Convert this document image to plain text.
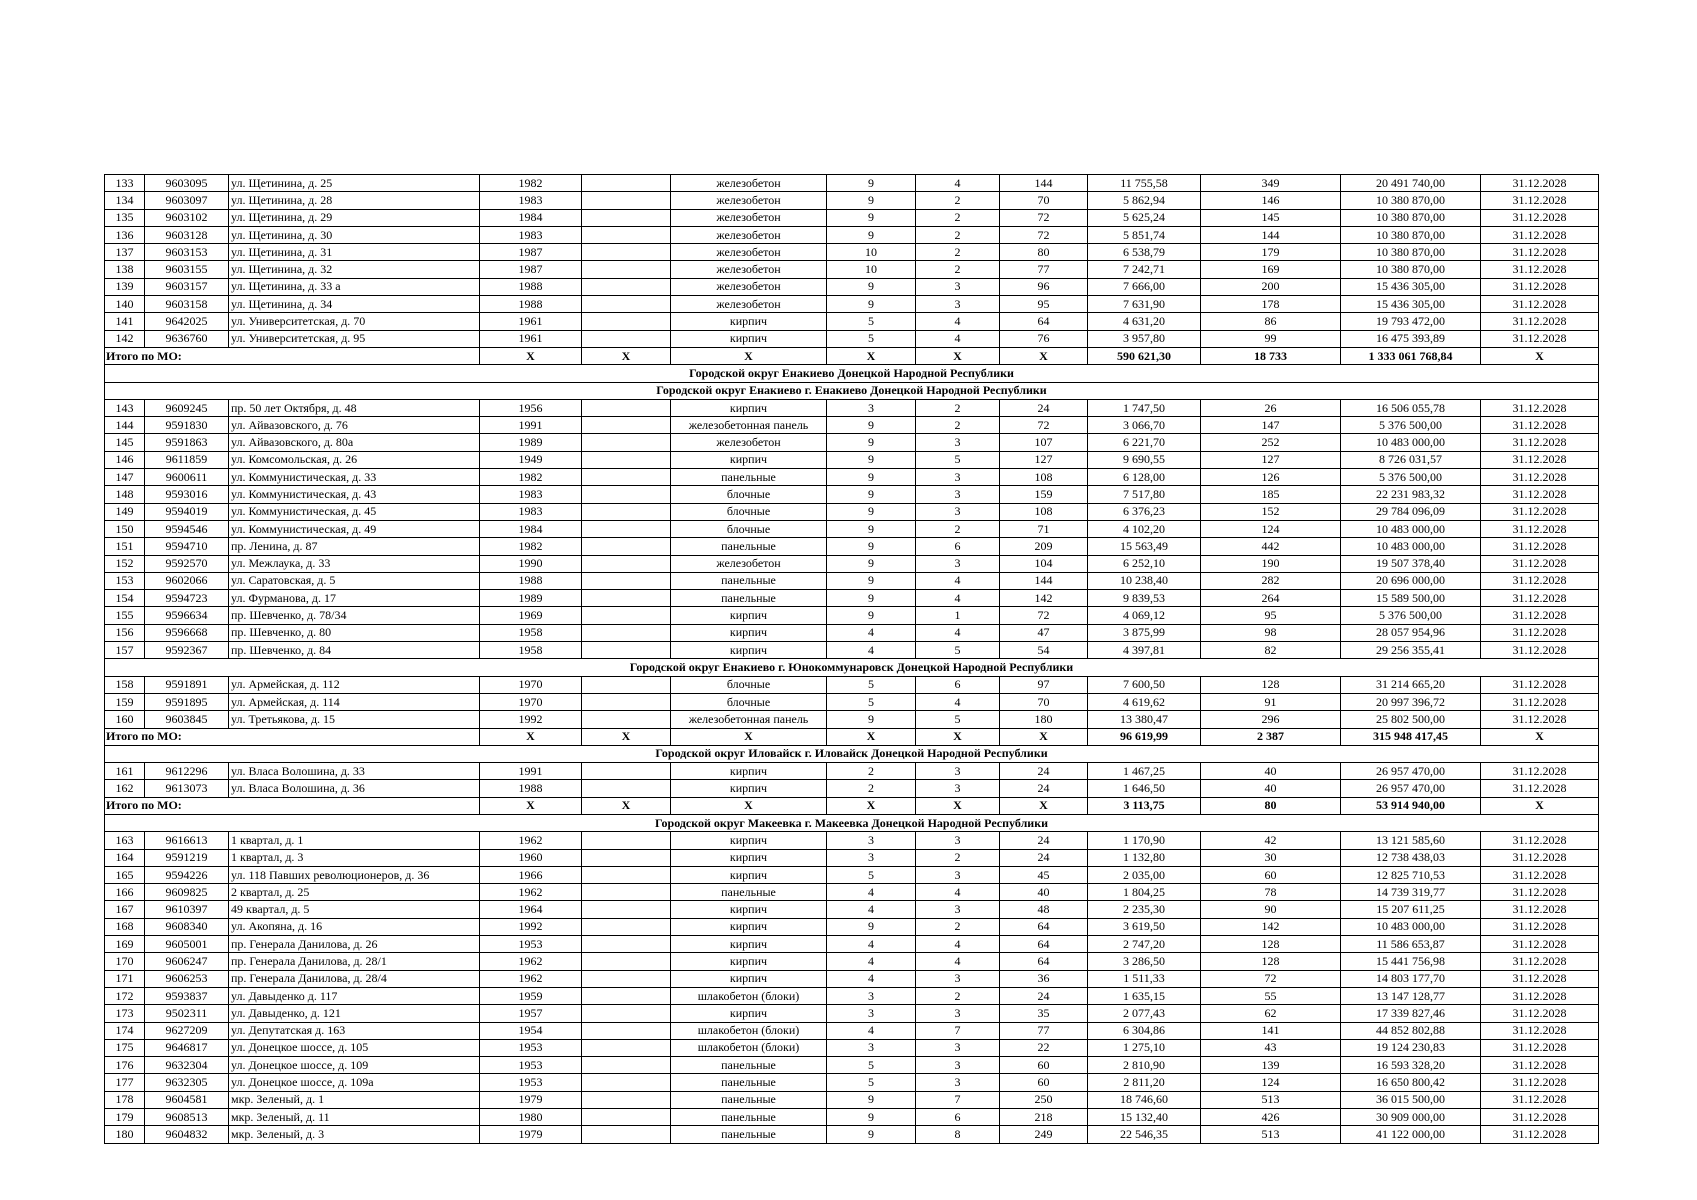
133	9603095	ул. Щетинина, д. 25	1982		железобетон	9	4	144	11 755,58	349	20 491 740,00	31.12.2028
134	9603097	ул. Щетинина, д. 28	1983		железобетон	9	2	70	5 862,94	146	10 380 870,00	31.12.2028
135	9603102	ул. Щетинина, д. 29	1984		железобетон	9	2	72	5 625,24	145	10 380 870,00	31.12.2028
136	9603128	ул. Щетинина, д. 30	1983		железобетон	9	2	72	5 851,74	144	10 380 870,00	31.12.2028
137	9603153	ул. Щетинина, д. 31	1987		железобетон	10	2	80	6 538,79	179	10 380 870,00	31.12.2028
138	9603155	ул. Щетинина, д. 32	1987		железобетон	10	2	77	7 242,71	169	10 380 870,00	31.12.2028
139	9603157	ул. Щетинина, д. 33 а	1988		железобетон	9	3	96	7 666,00	200	15 436 305,00	31.12.2028
140	9603158	ул. Щетинина, д. 34	1988		железобетон	9	3	95	7 631,90	178	15 436 305,00	31.12.2028
141	9642025	ул. Университетская, д. 70	1961		кирпич	5	4	64	4 631,20	86	19 793 472,00	31.12.2028
142	9636760	ул. Университетская, д. 95	1961		кирпич	5	4	76	3 957,80	99	16 475 393,89	31.12.2028
Итого по МО:			X	X	X	X	X	X	590 621,30	18 733	1 333 061 768,84	X
Городской округ Енакиево Донецкой Народной Республики												
Городской округ Енакиево г. Енакиево Донецкой Народной Республики												
143	9609245	пр. 50 лет Октября, д. 48	1956		кирпич	3	2	24	1 747,50	26	16 506 055,78	31.12.2028
144	9591830	ул. Айвазовского, д. 76	1991		железобетонная панель	9	2	72	3 066,70	147	5 376 500,00	31.12.2028
145	9591863	ул. Айвазовского, д. 80а	1989		железобетон	9	3	107	6 221,70	252	10 483 000,00	31.12.2028
146	9611859	ул. Комсомольская, д. 26	1949		кирпич	9	5	127	9 690,55	127	8 726 031,57	31.12.2028
147	9600611	ул. Коммунистическая, д. 33	1982		панельные	9	3	108	6 128,00	126	5 376 500,00	31.12.2028
148	9593016	ул. Коммунистическая, д. 43	1983		блочные	9	3	159	7 517,80	185	22 231 983,32	31.12.2028
149	9594019	ул. Коммунистическая, д. 45	1983		блочные	9	3	108	6 376,23	152	29 784 096,09	31.12.2028
150	9594546	ул. Коммунистическая, д. 49	1984		блочные	9	2	71	4 102,20	124	10 483 000,00	31.12.2028
151	9594710	пр. Ленина, д. 87	1982		панельные	9	6	209	15 563,49	442	10 483 000,00	31.12.2028
152	9592570	ул. Межлаука, д. 33	1990		железобетон	9	3	104	6 252,10	190	19 507 378,40	31.12.2028
153	9602066	ул. Саратовская, д. 5	1988		панельные	9	4	144	10 238,40	282	20 696 000,00	31.12.2028
154	9594723	ул. Фурманова, д. 17	1989		панельные	9	4	142	9 839,53	264	15 589 500,00	31.12.2028
155	9596634	пр. Шевченко, д. 78/34	1969		кирпич	9	1	72	4 069,12	95	5 376 500,00	31.12.2028
156	9596668	пр. Шевченко, д. 80	1958		кирпич	4	4	47	3 875,99	98	28 057 954,96	31.12.2028
157	9592367	пр. Шевченко, д. 84	1958		кирпич	4	5	54	4 397,81	82	29 256 355,41	31.12.2028
Городской округ Енакиево г. Юнокоммунаровск Донецкой Народной Республики												
158	9591891	ул. Армейская, д. 112	1970		блочные	5	6	97	7 600,50	128	31 214 665,20	31.12.2028
159	9591895	ул. Армейская, д. 114	1970		блочные	5	4	70	4 619,62	91	20 997 396,72	31.12.2028
160	9603845	ул. Третьякова, д. 15	1992		железобетонная панель	9	5	180	13 380,47	296	25 802 500,00	31.12.2028
Итого по МО:			X	X	X	X	X	X	96 619,99	2 387	315 948 417,45	X
Городской округ Иловайск г. Иловайск Донецкой Народной Республики												
161	9612296	ул. Власа Волошина, д. 33	1991		кирпич	2	3	24	1 467,25	40	26 957 470,00	31.12.2028
162	9613073	ул. Власа Волошина, д. 36	1988		кирпич	2	3	24	1 646,50	40	26 957 470,00	31.12.2028
Итого по МО:			X	X	X	X	X	X	3 113,75	80	53 914 940,00	X
Городской округ Макеевка г. Макеевка Донецкой Народной Республики												
163	9616613	1 квартал, д. 1	1962		кирпич	3	3	24	1 170,90	42	13 121 585,60	31.12.2028
164	9591219	1 квартал, д. 3	1960		кирпич	3	2	24	1 132,80	30	12 738 438,03	31.12.2028
165	9594226	ул. 118 Павших революционеров, д. 36	1966		кирпич	5	3	45	2 035,00	60	12 825 710,53	31.12.2028
166	9609825	2 квартал, д. 25	1962		панельные	4	4	40	1 804,25	78	14 739 319,77	31.12.2028
167	9610397	49 квартал, д. 5	1964		кирпич	4	3	48	2 235,30	90	15 207 611,25	31.12.2028
168	9608340	ул. Акопяна, д. 16	1992		кирпич	9	2	64	3 619,50	142	10 483 000,00	31.12.2028
169	9605001	пр. Генерала Данилова, д. 26	1953		кирпич	4	4	64	2 747,20	128	11 586 653,87	31.12.2028
170	9606247	пр. Генерала Данилова, д. 28/1	1962		кирпич	4	4	64	3 286,50	128	15 441 756,98	31.12.2028
171	9606253	пр. Генерала Данилова, д. 28/4	1962		кирпич	4	3	36	1 511,33	72	14 803 177,70	31.12.2028
172	9593837	ул. Давыденко д. 117	1959		шлакобетон (блоки)	3	2	24	1 635,15	55	13 147 128,77	31.12.2028
173	9502311	ул. Давыденко, д. 121	1957		кирпич	3	3	35	2 077,43	62	17 339 827,46	31.12.2028
174	9627209	ул. Депутатская д. 163	1954		шлакобетон (блоки)	4	7	77	6 304,86	141	44 852 802,88	31.12.2028
175	9646817	ул. Донецкое шоссе, д. 105	1953		шлакобетон (блоки)	3	3	22	1 275,10	43	19 124 230,83	31.12.2028
176	9632304	ул. Донецкое шоссе, д. 109	1953		панельные	5	3	60	2 810,90	139	16 593 328,20	31.12.2028
177	9632305	ул. Донецкое шоссе, д. 109а	1953		панельные	5	3	60	2 811,20	124	16 650 800,42	31.12.2028
178	9604581	мкр. Зеленый, д. 1	1979		панельные	9	7	250	18 746,60	513	36 015 500,00	31.12.2028
179	9608513	мкр. Зеленый, д. 11	1980		панельные	9	6	218	15 132,40	426	30 909 000,00	31.12.2028
180	9604832	мкр. Зеленый, д. 3	1979		панельные	9	8	249	22 546,35	513	41 122 000,00	31.12.2028
